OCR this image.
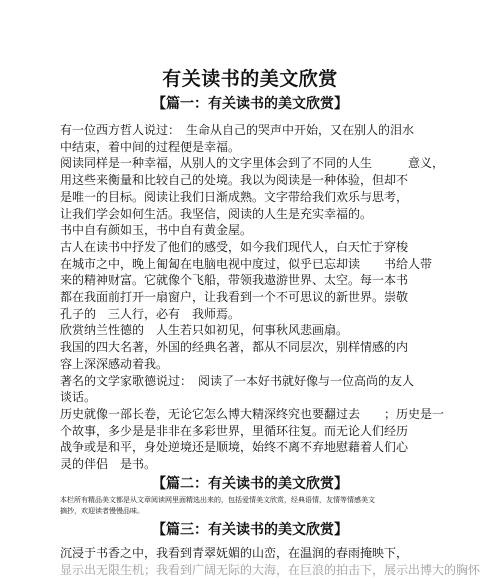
有关读书的美文欣赏
【篇一：有关读书的美文欣赏】

有一位西方哲人说过：　生命从自己的哭声中开始，又在别人的泪水

中结束，着中间的过程便是幸福。

阅读同样是一种幸福，从别人的文字里体会到了不同的人生　　　意义，

用这些来衡量和比较自己的处境。我以为阅读是一种体验，但却不

是唯一的目标。阅读让我们日渐成熟。文字带给我们欢乐与思考，

让我们学会如何生活。我坚信，阅读的人生是充实幸福的。

书中自有颜如玉，书中自有黄金屋。

古人在读书中抒发了他们的感受，如今我们现代人，白天忙于穿梭

在城市之中，晚上匍匐在电脑电视中度过，似乎已忘却读　　书给人带

来的精神财富。它就像个飞船，带领我遨游世界、太空。每一本书

都在我面前打开一扇窗户，让我看到一个不可思议的新世界。崇敬

孔子的　三人行，必有　我师焉。

欣赏纳兰性德的　人生若只如初见，何事秋风悲画扇。

我国的四大名著，外国的经典名著，都从不同层次，别样情感的内

容上深深感动着我。

著名的文学家歌德说过：　阅读了一本好书就好像与一位高尚的友人

谈话。

历史就像一部长卷，无论它怎么博大精深终究也要翻过去　　；历史是一

个故事，多少是是非非在多彩世界，里循环往复。而无论人们经历

战争或是和平，身处逆境还是顺境，始终不离不弃地慰藉着人们心

灵的伴侣　是书。

【篇二：有关读书的美文欣赏】

本栏所有精品美文都是从文章阅读网里面精选出来的，包括爱情美文欣赏，经典语情，友情等情感美文

摘抄，欢迎读者慢慢品味。

【篇三：有关读书的美文欣赏】

沉浸于书香之中，我看到青翠妩媚的山峦，在温润的春雨掩映下，

显示出无限生机；我看到广阔无际的大海，在巨浪的拍击下，展示出博大的胸怀
